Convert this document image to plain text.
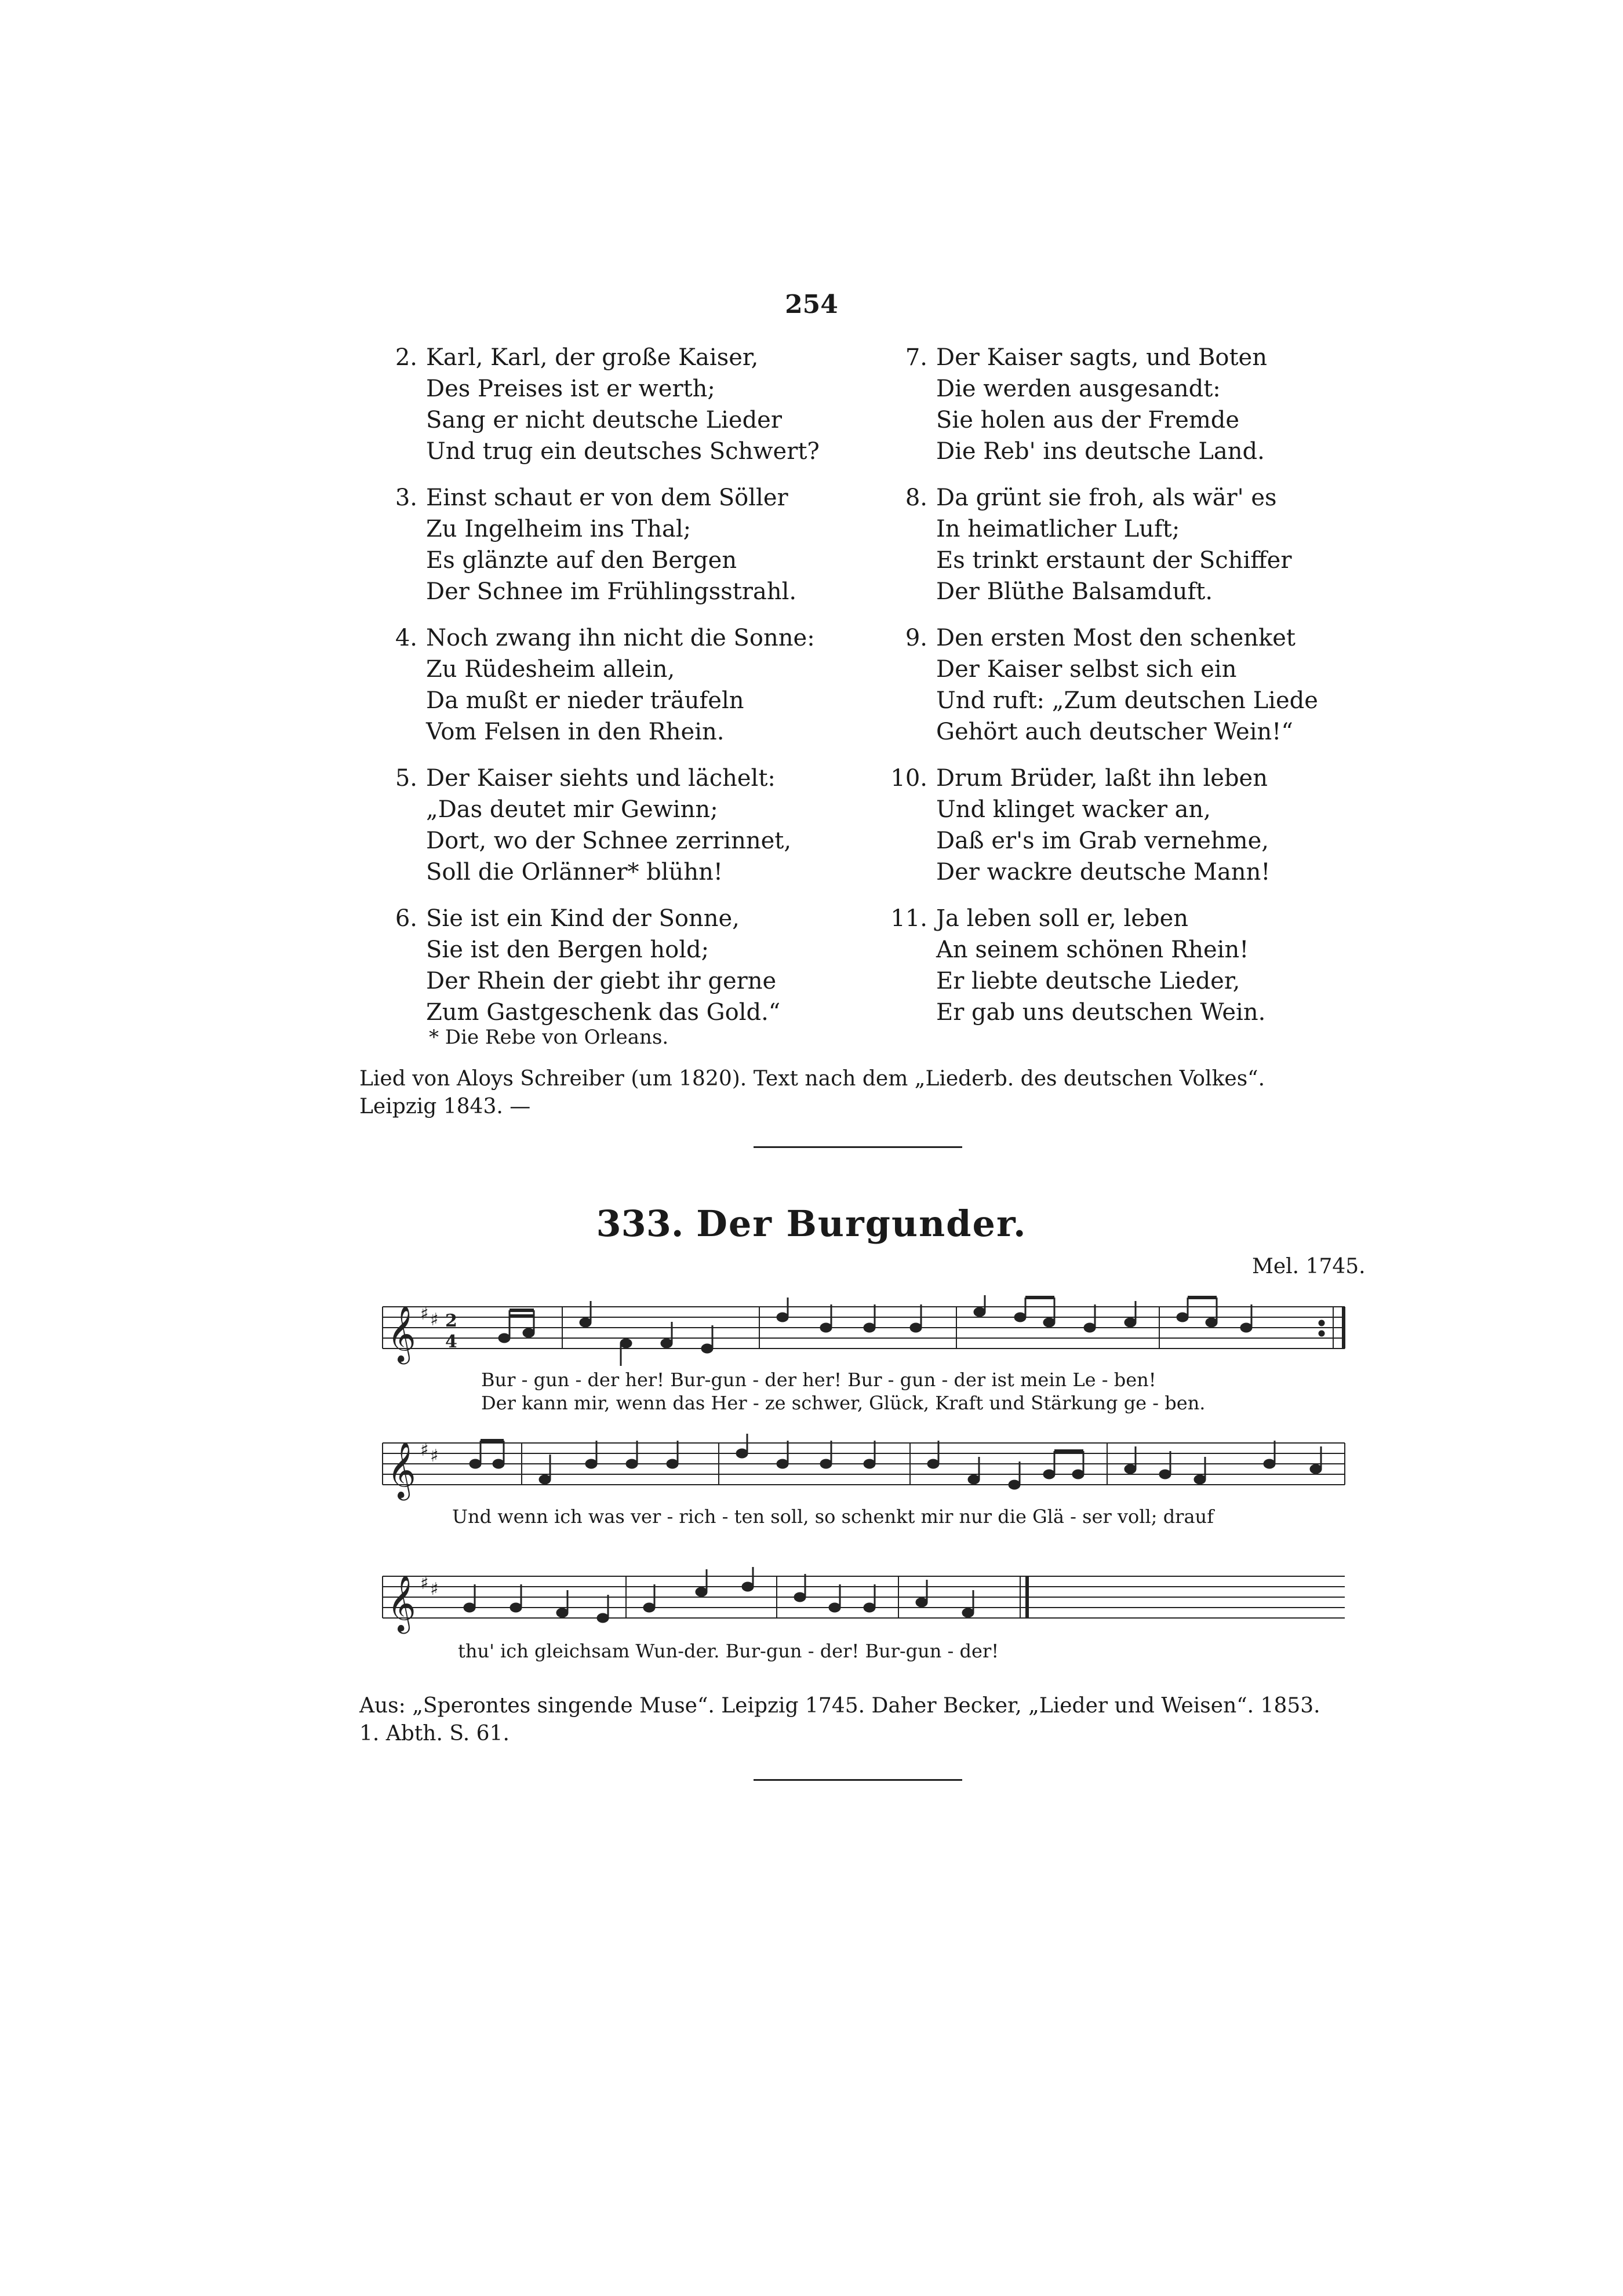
254
2. Karl, Karl, der große Kaiser,
Des Preises ist er werth;
Sang er nicht deutsche Lieder
Und trug ein deutsches Schwert?
3. Einst schaut er von dem Söller
Zu Ingelheim ins Thal;
Es glänzte auf den Bergen
Der Schnee im Frühlingsstrahl.
4. Noch zwang ihn nicht die Sonne:
Zu Rüdesheim allein,
Da mußt er nieder träufeln
Vom Felsen in den Rhein.
5. Der Kaiser siehts und lächelt:
„Das deutet mir Gewinn;
Dort, wo der Schnee zerrinnet,
Soll die Orlänner* blühn!
6. Sie ist ein Kind der Sonne,
Sie ist den Bergen hold;
Der Rhein der giebt ihr gerne
Zum Gastgeschenk das Gold.“
7. Der Kaiser sagts, und Boten
Die werden ausgesandt:
Sie holen aus der Fremde
Die Reb' ins deutsche Land.
8. Da grünt sie froh, als wär' es
In heimatlicher Luft;
Es trinkt erstaunt der Schiffer
Der Blüthe Balsamduft.
9. Den ersten Most den schenket
Der Kaiser selbst sich ein
Und ruft: „Zum deutschen Liede
Gehört auch deutscher Wein!“
10. Drum Brüder, laßt ihn leben
Und klinget wacker an,
Daß er's im Grab vernehme,
Der wackre deutsche Mann!
11. Ja leben soll er, leben
An seinem schönen Rhein!
Er liebte deutsche Lieder,
Er gab uns deutschen Wein.
* Die Rebe von Orleans.
Lied von Aloys Schreiber (um 1820). Text nach dem „Liederb. des deutschen Volkes“. Leipzig 1843. —
333. Der Burgunder.
Mel. 1745.
𝄞 ♯ ♯ 2
4
Bur - gun - der her! Bur-gun - der her! Bur - gun - der ist mein Le - ben!
Der kann mir, wenn das Her - ze schwer, Glück, Kraft und Stärkung ge - ben.
𝄞 ♯ ♯
Und wenn ich was ver - rich - ten soll, so schenkt mir nur die Glä - ser voll; drauf
𝄞 ♯ ♯
thu' ich gleichsam Wun-der. Bur-gun - der! Bur-gun - der!
Aus: „Sperontes singende Muse“. Leipzig 1745. Daher Becker, „Lieder und Weisen“. 1853. 1. Abth. S. 61.
